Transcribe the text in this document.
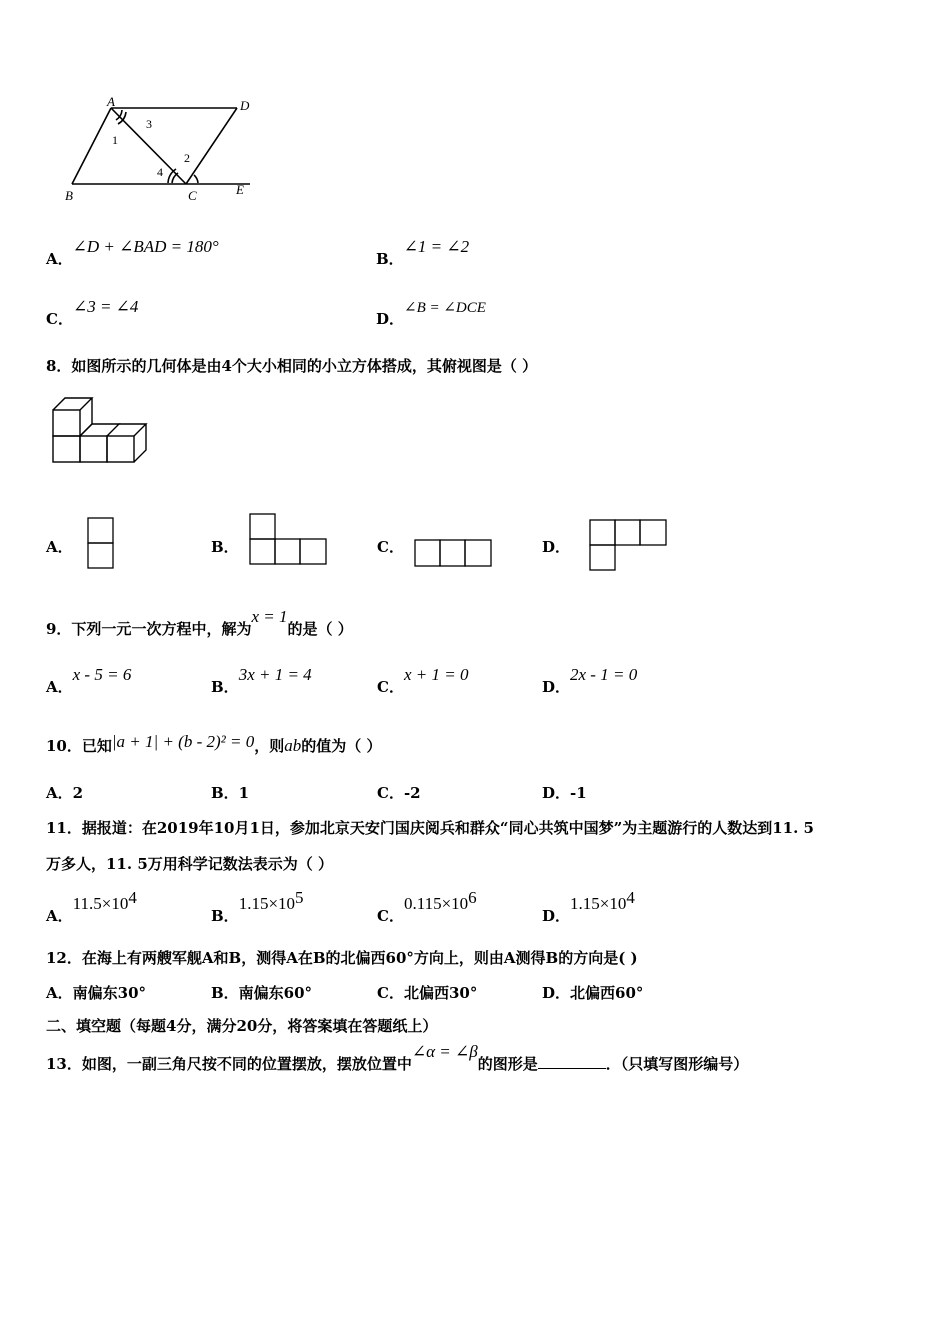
A	D
B	C	E
1
2
3
4
A．∠D + ∠BAD = 180°
B．∠1 = ∠2
C．∠3 = ∠4
D．∠B = ∠DCE
8．如图所示的几何体是由4个大小相同的小立方体搭成，其俯视图是（ ）
A．	B．	C．	D．
9．下列一元一次方程中，解为x = 1的是（ ）
A．x - 5 = 6
B．3x + 1 = 4
C．x + 1 = 0
D．2x - 1 = 0
10．已知|a + 1| + (b - 2)² = 0，则ab的值为（ ）
A．2	B．1	C．-2	D．-1
11．据报道：在2019年10月1日，参加北京天安门国庆阅兵和群众“同心共筑中国梦”为主题游行的人数达到11. 5
万多人，11. 5万用科学记数法表示为（ ）
A．$11.5\times 10^4$
B．$1.15\times 10^5$
C．$0.115\times 10^6$
D．$1.15\times 10^4$
12．在海上有两艘军舰A和B，测得A在B的北偏西60°方向上，则由A测得B的方向是( )
A．南偏东30°	B．南偏东60°	C．北偏西30°	D．北偏西60°
二、填空题（每题4分，满分20分，将答案填在答题纸上）
13．如图，一副三角尺按不同的位置摆放，摆放位置中∠α = ∠β的图形是	．（只填写图形编号）
